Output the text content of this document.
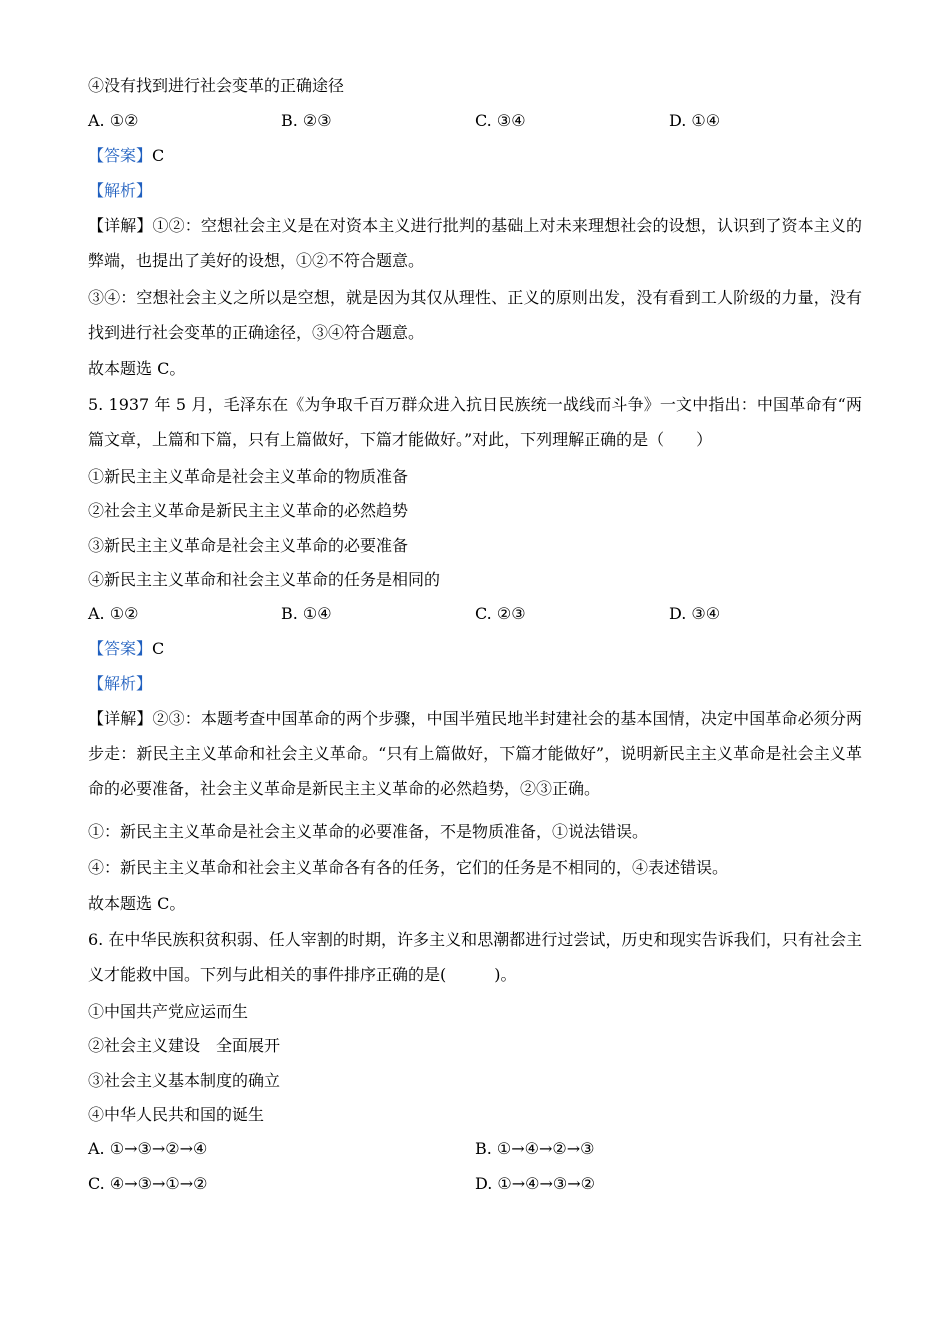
④没有找到进行社会变革的正确途径
A. ①②	B. ②③	C. ③④	D. ①④
【答案】C
【解析】
【详解】①②：空想社会主义是在对资本主义进行批判的基础上对未来理想社会的设想，认识到了资本主义的弊端，也提出了美好的设想，①②不符合题意。
③④：空想社会主义之所以是空想，就是因为其仅从理性、正义的原则出发，没有看到工人阶级的力量，没有找到进行社会变革的正确途径，③④符合题意。
故本题选 C。
5. 1937 年 5 月，毛泽东在《为争取千百万群众进入抗日民族统一战线而斗争》一文中指出：中国革命有“两篇文章，上篇和下篇，只有上篇做好，下篇才能做好。”对此，下列理解正确的是（　　）
①新民主主义革命是社会主义革命的物质准备
②社会主义革命是新民主主义革命的必然趋势
③新民主主义革命是社会主义革命的必要准备
④新民主主义革命和社会主义革命的任务是相同的
A. ①②	B. ①④	C. ②③	D. ③④
【答案】C
【解析】
【详解】②③：本题考查中国革命的两个步骤，中国半殖民地半封建社会的基本国情，决定中国革命必须分两步走：新民主主义革命和社会主义革命。“只有上篇做好，下篇才能做好”，说明新民主主义革命是社会主义革命的必要准备，社会主义革命是新民主主义革命的必然趋势，②③正确。
①：新民主主义革命是社会主义革命的必要准备，不是物质准备，①说法错误。
④：新民主主义革命和社会主义革命各有各的任务，它们的任务是不相同的，④表述错误。
故本题选 C。
6. 在中华民族积贫积弱、任人宰割的时期，许多主义和思潮都进行过尝试，历史和现实告诉我们，只有社会主义才能救中国。下列与此相关的事件排序正确的是(　　　)。
①中国共产党应运而生
②社会主义建设　全面展开
③社会主义基本制度的确立
④中华人民共和国的诞生
A. ①→③→②→④	B. ①→④→②→③
C. ④→③→①→②	D. ①→④→③→②
